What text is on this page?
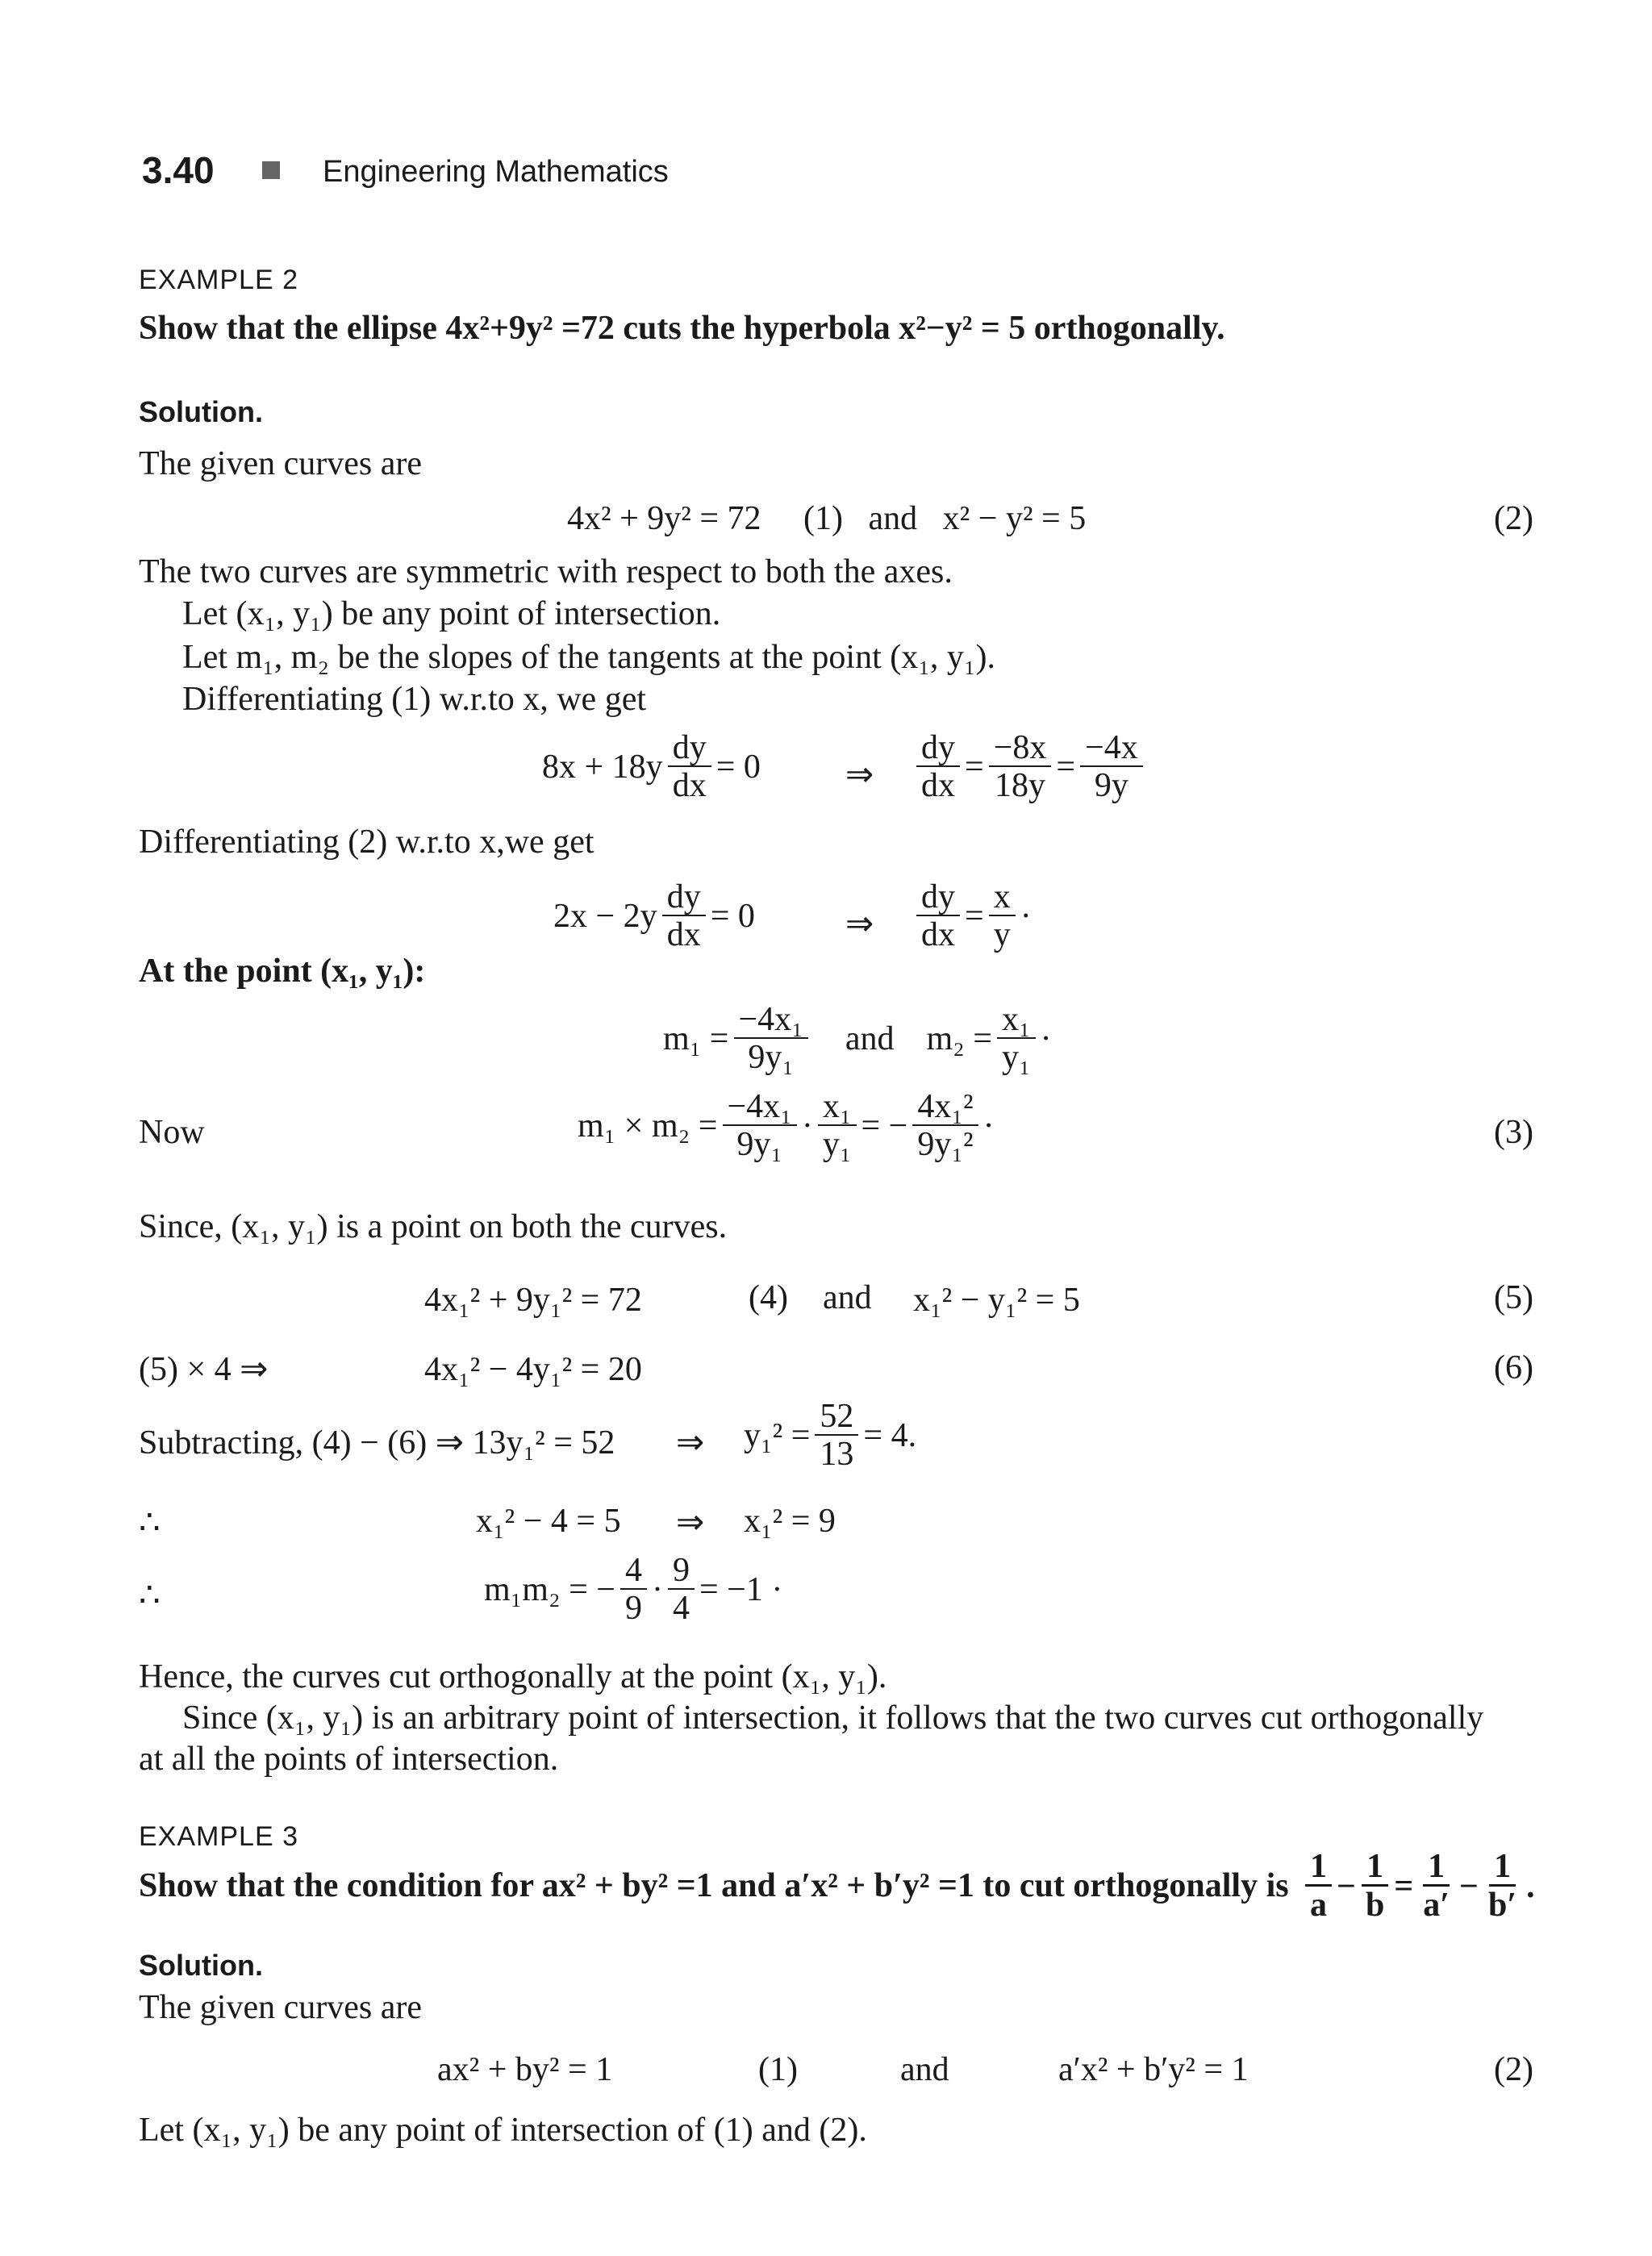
3.40	Engineering Mathematics
EXAMPLE 2
Show that the ellipse 4x²+9y² =72 cuts the hyperbola x²−y² = 5 orthogonally.
Solution.
The given curves are
4x² + 9y² = 72     (1)   and   x² − y² = 5	(2)
The two curves are symmetric with respect to both the axes.
Let (x₁, y₁) be any point of intersection.
Let m₁, m₂ be the slopes of the tangents at the point (x₁, y₁).
Differentiating (1) w.r.to x, we get
$8x + 18y \frac{dy}{dx} = 0$	⇒ $\frac{dy}{dx} = \frac{-8x}{18y} = \frac{-4x}{9y}$
Differentiating (2) w.r.to x,we get
$2x - 2y \frac{dy}{dx} = 0$	⇒ $\frac{dy}{dx} = \frac{x}{y}$ ·
At the point (x₁, y₁):
$m_1 = \frac{\text{−4x₁}}{\text{9y₁}}$ and $m_2 = \frac{\text{x₁}}{\text{y₁}}$ ·
Now	$m_1 \times m_2 = \frac{\text{−4x₁}}{\text{9y₁}} \cdot \frac{\text{x₁}}{\text{y₁}}$ = − $\frac{\text{4x₁²}}{\text{9y₁²}}$ ·	(3)
Since, (x₁, y₁) is a point on both the curves.
4x₁² + 9y₁² = 72	(4) and x₁² − y₁² = 5	(5)
(5) × 4 ⇒	4x₁² − 4y₁² = 20	(6)
Subtracting, (4) − (6) ⇒ 13y₁² = 52 ⇒ $y_1^2 = \frac{52}{13} = 4$.
∴	x₁² − 4 = 5 ⇒ x₁² = 9
∴	m₁m₂ = − $\frac{4}{9} \cdot \frac{9}{4} = -1$ ·
Hence, the curves cut orthogonally at the point (x₁, y₁).
Since (x₁, y₁) is an arbitrary point of intersection, it follows that the two curves cut orthogonally
at all the points of intersection.
EXAMPLE 3
Show that the condition for ax² + by² =1 and a′x² + b′y² =1 to cut orthogonally is $\frac{1}{a} - \frac{1}{b} = \frac{1}{a'} - \frac{1}{b'}$ .
Solution.
The given curves are
ax² + by² = 1	(1)	and	a′x² + b′y² = 1	(2)
Let (x₁, y₁) be any point of intersection of (1) and (2).
